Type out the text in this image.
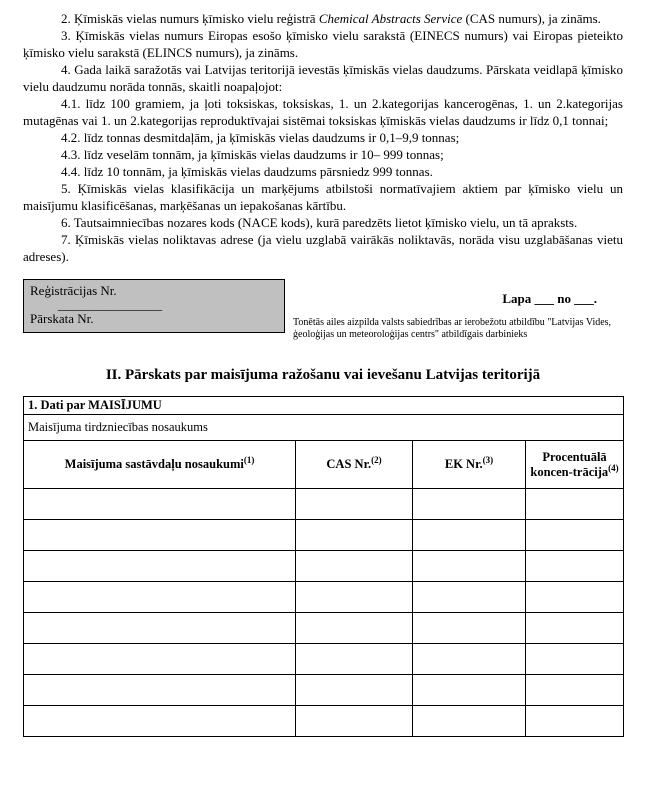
2. Ķīmiskās vielas numurs ķīmisko vielu reģistrā Chemical Abstracts Service (CAS numurs), ja zināms.

3. Ķīmiskās vielas numurs Eiropas esošo ķīmisko vielu sarakstā (EINECS numurs) vai Eiropas pieteikto ķīmisko vielu sarakstā (ELINCS numurs), ja zināms.

4. Gada laikā saražotās vai Latvijas teritorijā ievestās ķīmiskās vielas daudzums. Pārskata veidlapā ķīmisko vielu daudzumu norāda tonnās, skaitli noapaļojot:

4.1. līdz 100 gramiem, ja ļoti toksiskas, toksiskas, 1. un 2.kategorijas kancerogēnas, 1. un 2.kategorijas mutagēnas vai 1. un 2.kategorijas reproduktīvajai sistēmai toksiskas ķīmiskās vielas daudzums ir līdz 0,1 tonnai;

4.2. līdz tonnas desmitdaļām, ja ķīmiskās vielas daudzums ir 0,1–9,9 tonnas;

4.3. līdz veselām tonnām, ja ķīmiskās vielas daudzums ir 10– 999 tonnas;

4.4. līdz 10 tonnām, ja ķīmiskās vielas daudzums pārsniedz 999 tonnas.

5. Ķīmiskās vielas klasifikācija un marķējums atbilstoši normatīvajiem aktiem par ķīmisko vielu un maisījumu klasificēšanas, marķēšanas un iepakošanas kārtību.

6. Tautsaimniecības nozares kods (NACE kods), kurā paredzēts lietot ķīmisko vielu, un tā apraksts.

7. Ķīmiskās vielas noliktavas adrese (ja vielu uzglabā vairākās noliktavās, norāda visu uzglabāšanas vietu adreses).

Reģistrācijas Nr.
________________
Pārskata Nr.
Lapa ___ no ___.
Tonētās ailes aizpilda valsts sabiedrības ar ierobežotu atbildību "Latvijas Vides, ģeoloģijas un meteoroloģijas centrs" atbildīgais darbinieks
II. Pārskats par maisījuma ražošanu vai ievešanu Latvijas teritorijā
1. Dati par MAISĪJUMU			
Maisījuma tirdzniecības nosaukums			
Maisījuma sastāvdaļu nosaukumi$^{(1)}$	CAS Nr.$^{(2)}$	EK Nr.$^{(3)}$	Procentuālā koncen-trācija$^{(4)}$
